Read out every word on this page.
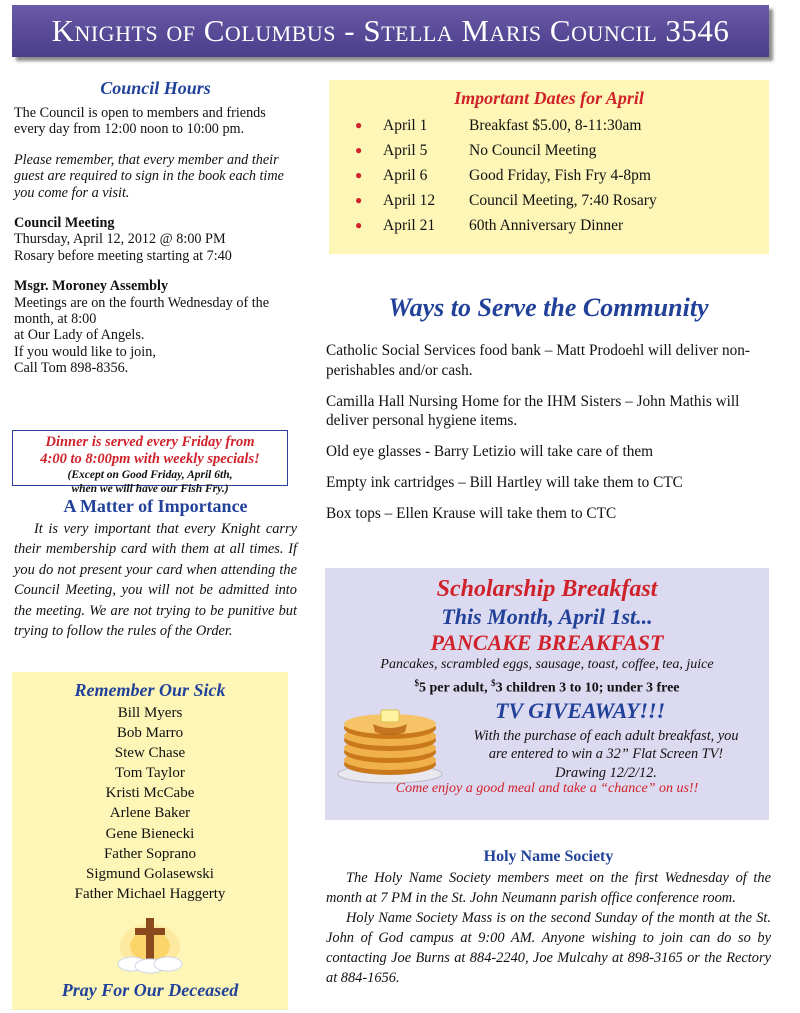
Knights of Columbus - Stella Maris Council 3546
Council Hours
The Council is open to members and friends every day from 12:00 noon to 10:00 pm.
Please remember, that every member and their guest are required to sign in the book each time you come for a visit.
Council Meeting
Thursday, April 12, 2012 @ 8:00 PM
Rosary before meeting starting at 7:40
Msgr. Moroney Assembly
Meetings are on the fourth Wednesday of the month, at 8:00
at Our Lady of Angels.
If you would like to join,
Call Tom 898-8356.
Dinner is served every Friday from
4:00 to 8:00pm with weekly specials!
(Except on Good Friday, April 6th,
when we will have our Fish Fry.)
A Matter of Importance
It is very important that every Knight carry their membership card with them at all times. If you do not present your card when attending the Council Meeting, you will not be admitted into the meeting. We are not trying to be punitive but trying to follow the rules of the Order.
Remember Our Sick
Bill Myers
Bob Marro
Stew Chase
Tom Taylor
Kristi McCabe
Arlene Baker
Gene Bienecki
Father Soprano
Sigmund Golasewski
Father Michael Haggerty
Pray For Our Deceased
Important Dates for April
●	April 1	Breakfast $5.00, 8-11:30am
●	April 5	No Council Meeting
●	April 6	Good Friday, Fish Fry 4-8pm
●	April 12	Council Meeting, 7:40 Rosary
●	April 21	60th Anniversary Dinner
Ways to Serve the Community
Catholic Social Services food bank – Matt Prodoehl will deliver non-perishables and/or cash.
Camilla Hall Nursing Home for the IHM Sisters – John Mathis will deliver personal hygiene items.
Old eye glasses - Barry Letizio will take care of them
Empty ink cartridges – Bill Hartley will take them to CTC
Box tops – Ellen Krause will take them to CTC
Scholarship Breakfast
This Month, April 1st...
PANCAKE BREAKFAST
Pancakes, scrambled eggs, sausage, toast, coffee, tea, juice
$5 per adult, $3 children 3 to 10; under 3 free
TV GIVEAWAY!!!
With the purchase of each adult breakfast, you
are entered to win a 32” Flat Screen TV!
Drawing 12/2/12.
Come enjoy a good meal and take a “chance” on us!!
Holy Name Society
The Holy Name Society members meet on the first Wednesday of the month at 7 PM in the St. John Neumann parish office conference room.
Holy Name Society Mass is on the second Sunday of the month at the St. John of God campus at 9:00 AM. Anyone wishing to join can do so by contacting Joe Burns at 884-2240, Joe Mulcahy at 898-3165 or the Rectory at 884-1656.
